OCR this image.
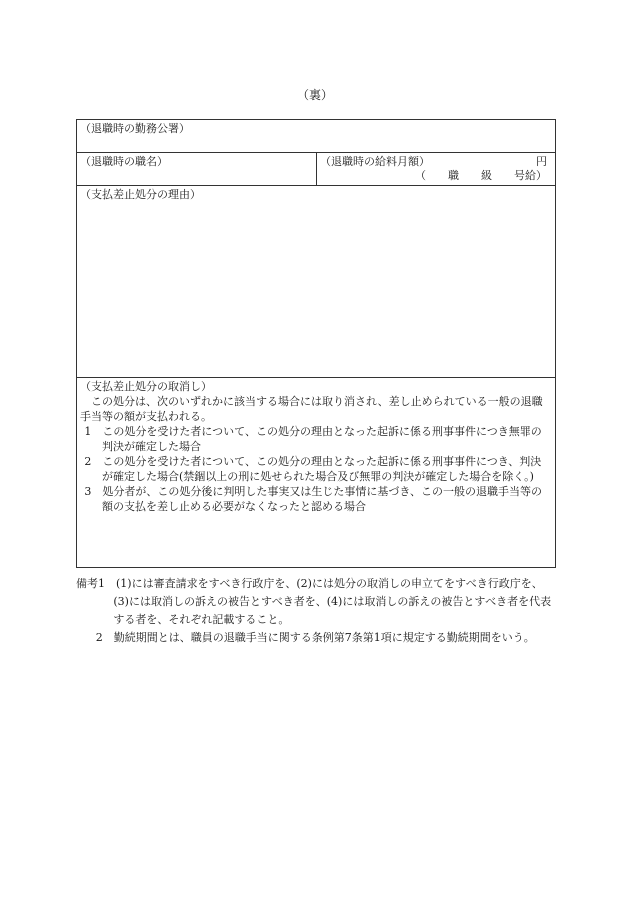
（裏）
（退職時の勤務公署）
（退職時の職名）	（退職時の給料月額）	円
（　　職　　級　　号給）
（支払差止処分の理由）
（支払差止処分の取消し）

この処分は、次のいずれかに該当する場合には取り消され、差し止められている一般の退職手当等の額が支払われる。

1　この処分を受けた者について、この処分の理由となった起訴に係る刑事事件につき無罪の判決が確定した場合

2　この処分を受けた者について、この処分の理由となった起訴に係る刑事事件につき、判決が確定した場合(禁錮以上の刑に処せられた場合及び無罪の判決が確定した場合を除く。)

3　処分者が、この処分後に判明した事実又は生じた事情に基づき、この一般の退職手当等の額の支払を差し止める必要がなくなったと認める場合

備考1　(1)には審査請求をすべき行政庁を、(2)には処分の取消しの申立てをすべき行政庁を、(3)には取消しの訴えの被告とすべき者を、(4)には取消しの訴えの被告とすべき者を代表する者を、それぞれ記載すること。

2　勤続期間とは、職員の退職手当に関する条例第7条第1項に規定する勤続期間をいう。
